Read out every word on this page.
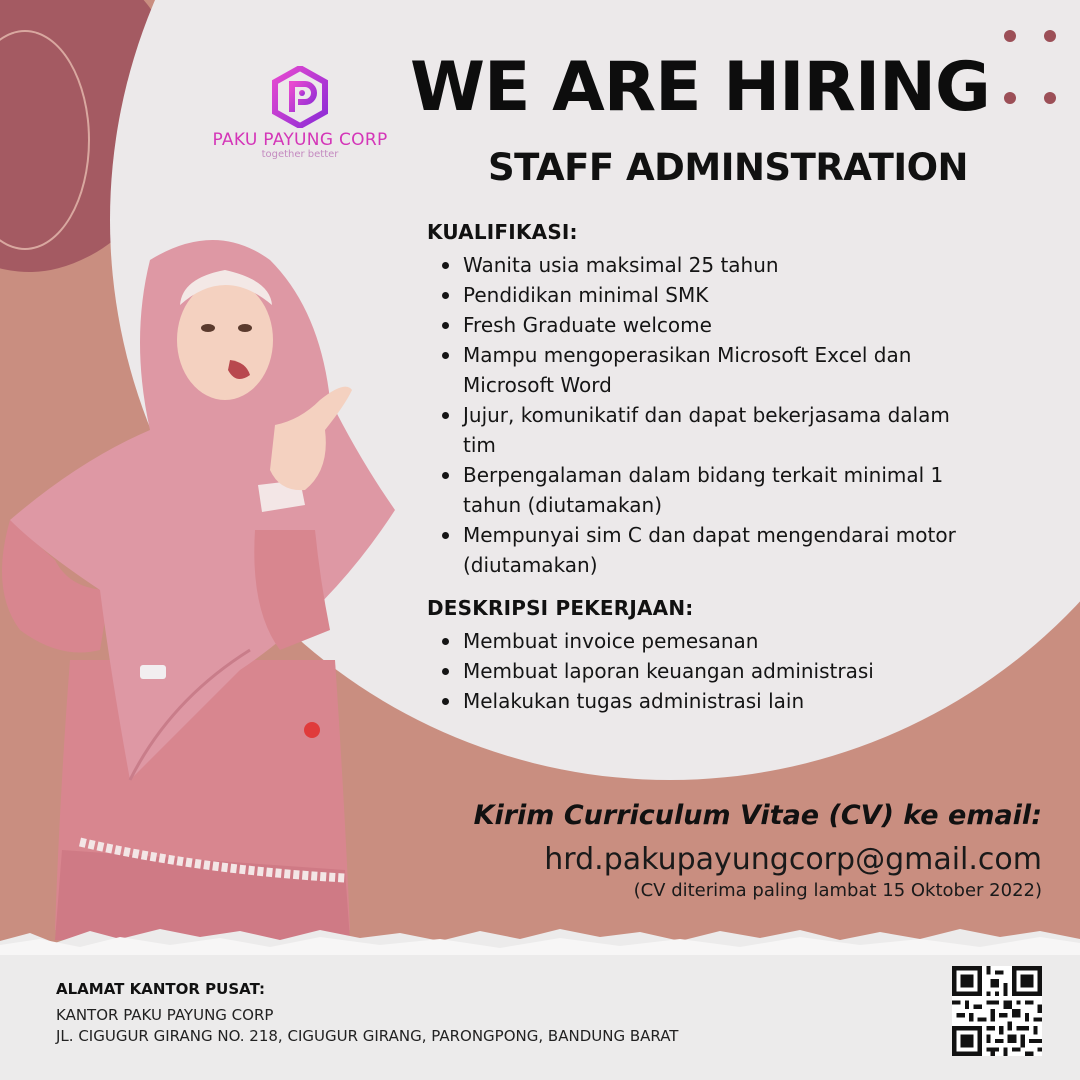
PAKU PAYUNG CORP
together better
WE ARE HIRING
STAFF ADMINSTRATION
KUALIFIKASI:
Wanita usia maksimal 25 tahun
Pendidikan minimal SMK
Fresh Graduate welcome
Mampu mengoperasikan Microsoft Excel dan Microsoft Word
Jujur, komunikatif dan dapat bekerjasama dalam tim
Berpengalaman dalam bidang terkait minimal 1 tahun (diutamakan)
Mempunyai sim C dan dapat mengendarai motor (diutamakan)
DESKRIPSI PEKERJAAN:
Membuat invoice pemesanan
Membuat laporan keuangan administrasi
Melakukan tugas administrasi lain
Kirim Curriculum Vitae (CV) ke email:
hrd.pakupayungcorp@gmail.com
(CV diterima paling lambat 15 Oktober 2022)
ALAMAT KANTOR PUSAT:
KANTOR PAKU PAYUNG CORP
JL. CIGUGUR GIRANG NO. 218, CIGUGUR GIRANG, PARONGPONG, BANDUNG BARAT
